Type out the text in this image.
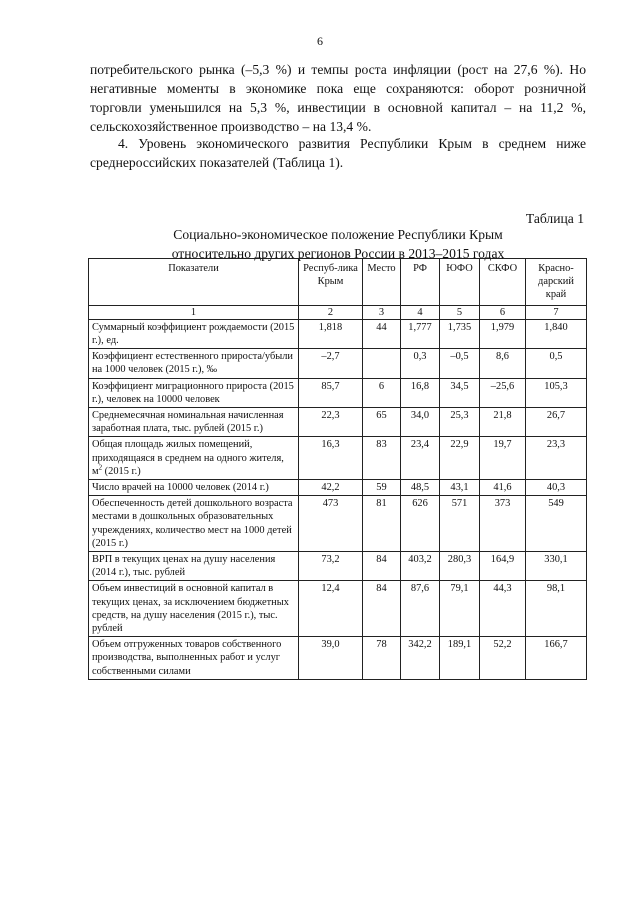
6

потребительского рынка (–5,3 %) и темпы роста инфляции (рост на 27,6 %). Но негативные моменты в экономике пока еще сохраняются: оборот розничной торговли уменьшился на 5,3 %, инвестиции в основной капитал – на 11,2 %, сельскохозяйственное производство – на 13,4 %.

4. Уровень экономического развития Республики Крым в среднем ниже среднероссийских показателей (Таблица 1).

Таблица 1
Социально-экономическое положение Республики Крым
относительно других регионов России в 2013–2015 годах
Показатели	Респуб-лика Крым	Место	РФ	ЮФО	СКФО	Красно-дарский край
1	2	3	4	5	6	7
Суммарный коэффициент рождаемости (2015 г.), ед.	1,818	44	1,777	1,735	1,979	1,840
Коэффициент естественного прироста/убыли на 1000 человек (2015 г.), ‰	–2,7		0,3	–0,5	8,6	0,5
Коэффициент миграционного прироста (2015 г.), человек на 10000 человек	85,7	6	16,8	34,5	–25,6	105,3
Среднемесячная номинальная начисленная заработная плата, тыс. рублей (2015 г.)	22,3	65	34,0	25,3	21,8	26,7
Общая площадь жилых помещений, приходящаяся в среднем на одного жителя, $м^2$ (2015 г.)	16,3	83	23,4	22,9	19,7	23,3
Число врачей на 10000 человек (2014 г.)	42,2	59	48,5	43,1	41,6	40,3
Обеспеченность детей дошкольного возраста местами в дошкольных образовательных учреждениях, количество мест на 1000 детей (2015 г.)	473	81	626	571	373	549
ВРП в текущих ценах на душу населения (2014 г.), тыс. рублей	73,2	84	403,2	280,3	164,9	330,1
Объем инвестиций в основной капитал в текущих ценах, за исключением бюджетных средств, на душу населения (2015 г.), тыс. рублей	12,4	84	87,6	79,1	44,3	98,1
Объем отгруженных товаров собственного производства, выполненных работ и услуг собственными силами	39,0	78	342,2	189,1	52,2	166,7
